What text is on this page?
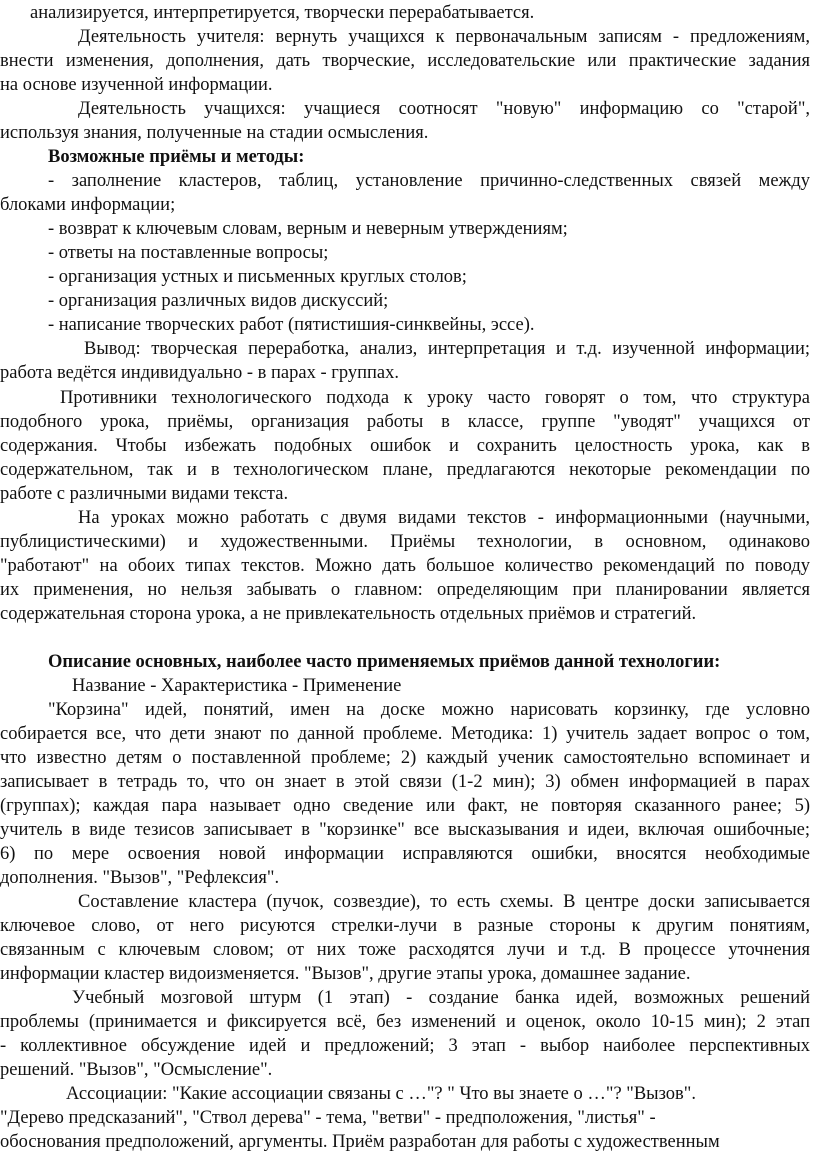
анализируется, интерпретируется, творчески перерабатывается.
Деятельность учителя: вернуть учащихся к первоначальным записям - предложениям,
внести изменения, дополнения, дать творческие, исследовательские или практические задания
на основе изученной информации.
Деятельность учащихся: учащиеся соотносят "новую" информацию со "старой",
используя знания, полученные на стадии осмысления.
Возможные приёмы и методы:
- заполнение кластеров, таблиц, установление причинно-следственных связей между
блоками информации;
- возврат к ключевым словам, верным и неверным утверждениям;
- ответы на поставленные вопросы;
- организация устных и письменных круглых столов;
- организация различных видов дискуссий;
- написание творческих работ (пятистишия-синквейны, эссе).
Вывод: творческая переработка, анализ, интерпретация и т.д. изученной информации;
работа ведётся индивидуально - в парах - группах.
Противники технологического подхода к уроку часто говорят о том, что структура
подобного урока, приёмы, организация работы в классе, группе "уводят" учащихся от
содержания. Чтобы избежать подобных ошибок и сохранить целостность урока, как в
содержательном, так и в технологическом плане, предлагаются некоторые рекомендации по
работе с различными видами текста.
На уроках можно работать с двумя видами текстов - информационными (научными,
публицистическими) и художественными. Приёмы технологии, в основном, одинаково
"работают" на обоих типах текстов. Можно дать большое количество рекомендаций по поводу
их применения, но нельзя забывать о главном: определяющим при планировании является
содержательная сторона урока, а не привлекательность отдельных приёмов и стратегий.
Описание основных, наиболее часто применяемых приёмов данной технологии:
Название - Характеристика - Применение
"Корзина" идей, понятий, имен на доске можно нарисовать корзинку, где условно
собирается все, что дети знают по данной проблеме. Методика: 1) учитель задает вопрос о том,
что известно детям о поставленной проблеме; 2) каждый ученик самостоятельно вспоминает и
записывает в тетрадь то, что он знает в этой связи (1-2 мин); 3) обмен информацией в парах
(группах); каждая пара называет одно сведение или факт, не повторяя сказанного ранее; 5)
учитель в виде тезисов записывает в "корзинке" все высказывания и идеи, включая ошибочные;
6) по мере освоения новой информации исправляются ошибки, вносятся необходимые
дополнения. "Вызов", "Рефлексия".
Составление кластера (пучок, созвездие), то есть схемы. В центре доски записывается
ключевое слово, от него рисуются стрелки-лучи в разные стороны к другим понятиям,
связанным с ключевым словом; от них тоже расходятся лучи и т.д. В процессе уточнения
информации кластер видоизменяется. "Вызов", другие этапы урока, домашнее задание.
Учебный мозговой штурм (1 этап) - создание банка идей, возможных решений
проблемы (принимается и фиксируется всё, без изменений и оценок, около 10-15 мин); 2 этап
- коллективное обсуждение идей и предложений; 3 этап - выбор наиболее перспективных
решений. "Вызов", "Осмысление".
Ассоциации: "Какие ассоциации связаны с …"? " Что вы знаете о …"? "Вызов".
"Дерево предсказаний", "Ствол дерева" - тема, "ветви" - предположения, "листья" -
обоснования предположений, аргументы. Приём разработан для работы с художественным
